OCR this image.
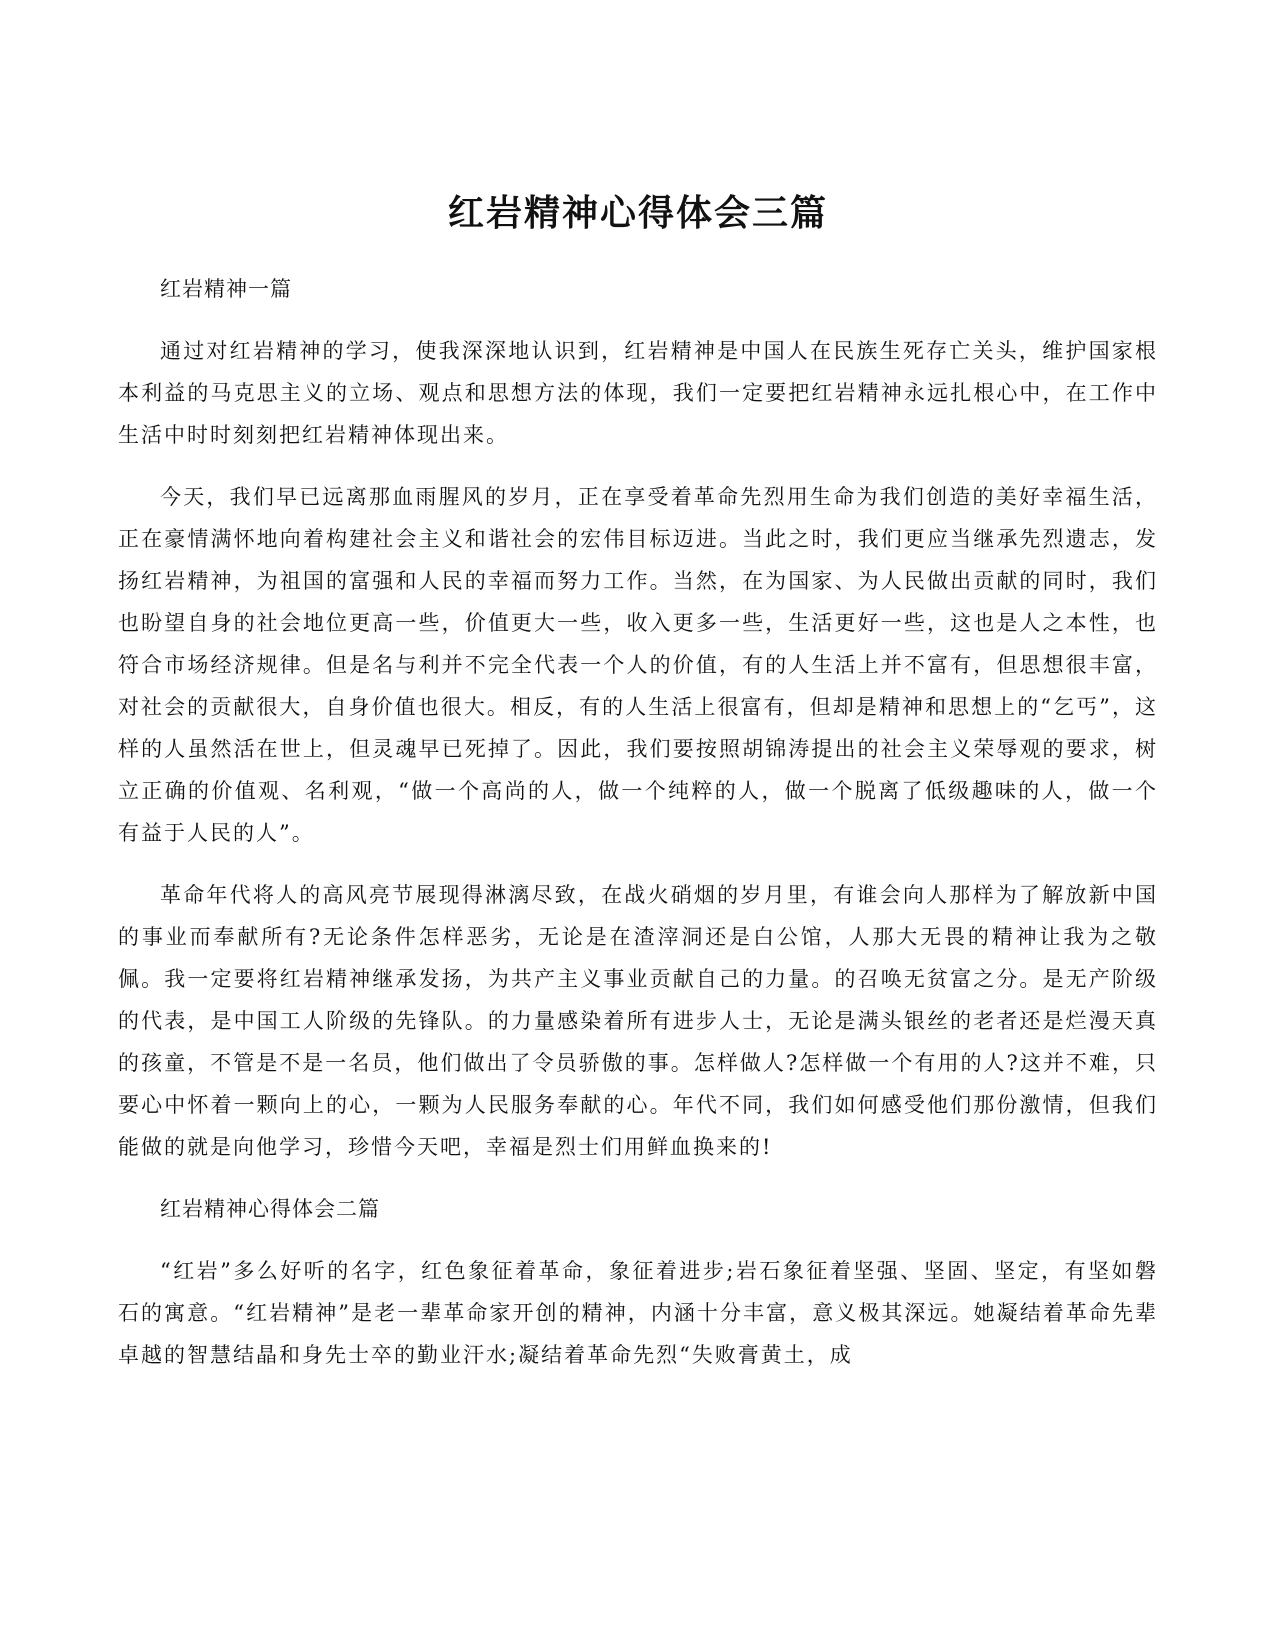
红岩精神心得体会三篇
红岩精神一篇

通过对红岩精神的学习，使我深深地认识到，红岩精神是中国人在民族生死存亡关头，维护国家根本利益的马克思主义的立场、观点和思想方法的体现，我们一定要把红岩精神永远扎根心中，在工作中生活中时时刻刻把红岩精神体现出来。

今天，我们早已远离那血雨腥风的岁月，正在享受着革命先烈用生命为我们创造的美好幸福生活，正在豪情满怀地向着构建社会主义和谐社会的宏伟目标迈进。当此之时，我们更应当继承先烈遗志，发扬红岩精神，为祖国的富强和人民的幸福而努力工作。当然，在为国家、为人民做出贡献的同时，我们也盼望自身的社会地位更高一些，价值更大一些，收入更多一些，生活更好一些，这也是人之本性，也符合市场经济规律。但是名与利并不完全代表一个人的价值，有的人生活上并不富有，但思想很丰富，对社会的贡献很大，自身价值也很大。相反，有的人生活上很富有，但却是精神和思想上的“乞丐”，这样的人虽然活在世上，但灵魂早已死掉了。因此，我们要按照胡锦涛提出的社会主义荣辱观的要求，树立正确的价值观、名利观，“做一个高尚的人，做一个纯粹的人，做一个脱离了低级趣味的人，做一个有益于人民的人”。

革命年代将人的高风亮节展现得淋漓尽致，在战火硝烟的岁月里，有谁会向人那样为了解放新中国的事业而奉献所有?无论条件怎样恶劣，无论是在渣滓洞还是白公馆，人那大无畏的精神让我为之敬佩。我一定要将红岩精神继承发扬，为共产主义事业贡献自己的力量。的召唤无贫富之分。是无产阶级的代表，是中国工人阶级的先锋队。的力量感染着所有进步人士，无论是满头银丝的老者还是烂漫天真的孩童，不管是不是一名员，他们做出了令员骄傲的事。怎样做人?怎样做一个有用的人?这并不难，只要心中怀着一颗向上的心，一颗为人民服务奉献的心。年代不同，我们如何感受他们那份激情，但我们能做的就是向他学习，珍惜今天吧，幸福是烈士们用鲜血换来的!

红岩精神心得体会二篇

“红岩”多么好听的名字，红色象征着革命，象征着进步;岩石象征着坚强、坚固、坚定，有坚如磐石的寓意。“红岩精神”是老一辈革命家开创的精神，内涵十分丰富，意义极其深远。她凝结着革命先辈卓越的智慧结晶和身先士卒的勤业汗水;凝结着革命先烈“失败膏黄土，成
